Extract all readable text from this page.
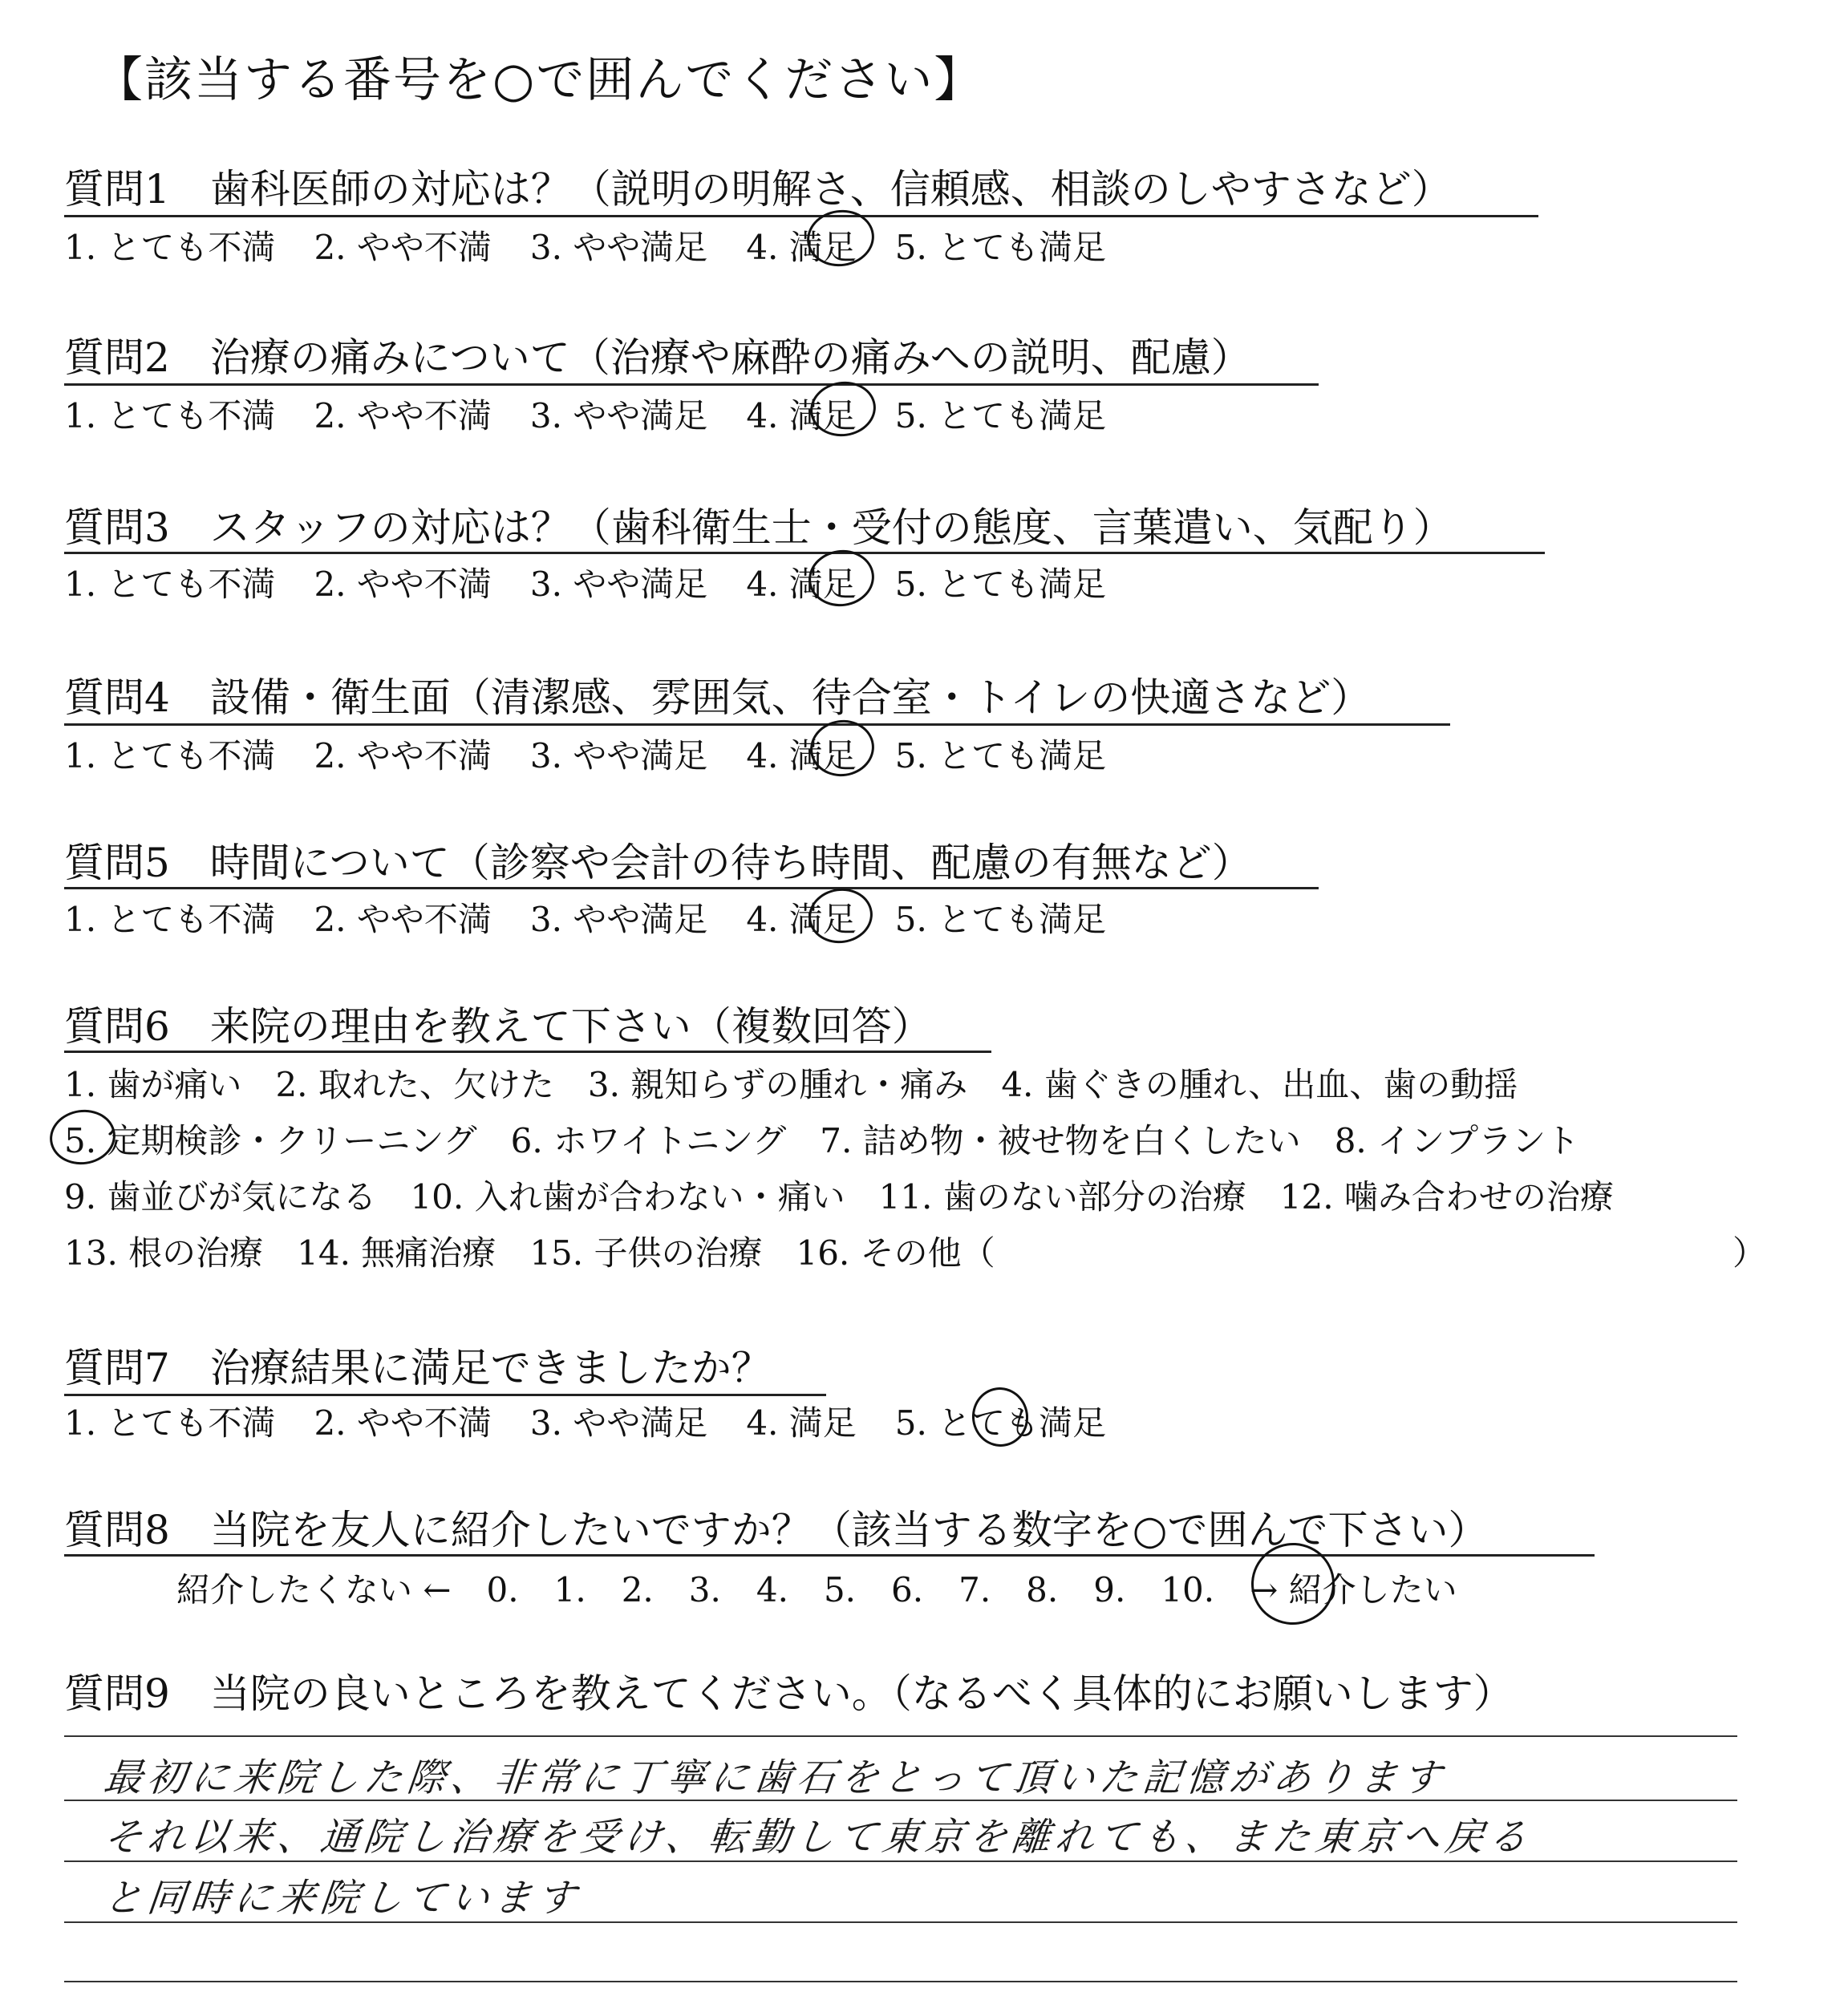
【該当する番号を○で囲んでください】
質問1　歯科医師の対応は？（説明の明解さ、信頼感、相談のしやすさなど）
1. とても不満 2. やや不満 3. やや満足 4. 満足 5. とても満足
質問2　治療の痛みについて（治療や麻酔の痛みへの説明、配慮）
1. とても不満 2. やや不満 3. やや満足 4. 満足 5. とても満足
質問3　スタッフの対応は？（歯科衛生士・受付の態度、言葉遣い、気配り）
1. とても不満 2. やや不満 3. やや満足 4. 満足 5. とても満足
質問4　設備・衛生面（清潔感、雰囲気、待合室・トイレの快適さなど）
1. とても不満 2. やや不満 3. やや満足 4. 満足 5. とても満足
質問5　時間について（診察や会計の待ち時間、配慮の有無など）
1. とても不満 2. やや不満 3. やや満足 4. 満足 5. とても満足
質問6　来院の理由を教えて下さい（複数回答）
1. 歯が痛い 2. 取れた、欠けた 3. 親知らずの腫れ・痛み 4. 歯ぐきの腫れ、出血、歯の動揺
5. 定期検診・クリーニング 6. ホワイトニング 7. 詰め物・被せ物を白くしたい 8. インプラント
9. 歯並びが気になる 10. 入れ歯が合わない・痛い 11. 歯のない部分の治療 12. 噛み合わせの治療
13. 根の治療 14. 無痛治療 15. 子供の治療 16. その他（	）
質問7　治療結果に満足できましたか？
1. とても不満 2. やや不満 3. やや満足 4. 満足 5. とても満足
質問8　当院を友人に紹介したいですか？（該当する数字を○で囲んで下さい）
紹介したくない ← 0. 1. 2. 3. 4. 5. 6. 7. 8. 9. 10. → 紹介したい
質問9　当院の良いところを教えてください。（なるべく具体的にお願いします）
最初に来院した際、非常に丁寧に歯石をとって頂いた記憶があります
それ以来、通院し治療を受け、転勤して東京を離れても、また東京へ戻る
と同時に来院しています
